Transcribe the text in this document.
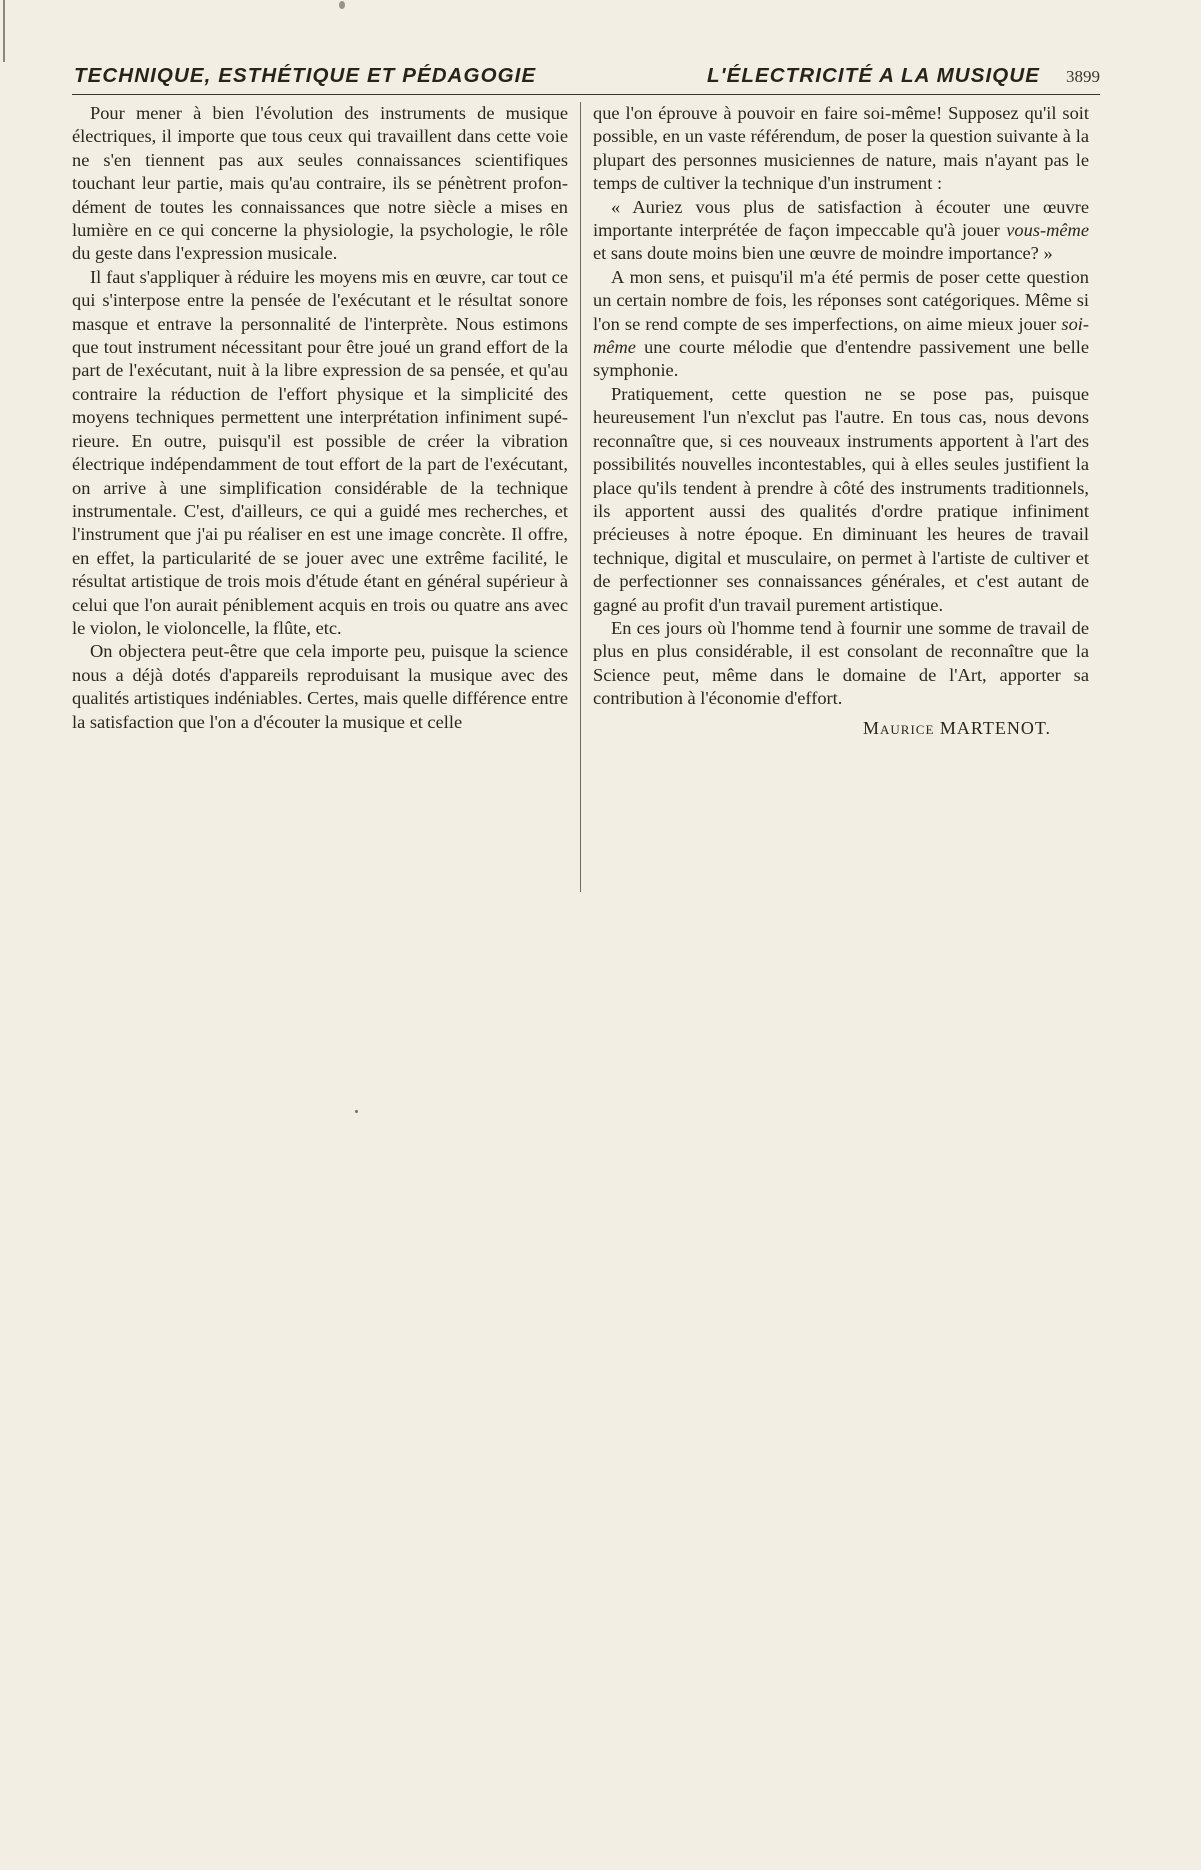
TECHNIQUE, ESTHÉTIQUE ET PÉDAGOGIE	L'ÉLECTRICITÉ A LA MUSIQUE 3899

Pour mener à bien l'évolution des instruments de musique électriques, il importe que tous ceux qui travaillent dans cette voie ne s'en tiennent pas aux seules connaissances scientifiques touchant leur partie, mais qu'au contraire, ils se pénètrent profondément de toutes les connaissances que notre siècle a mises en lumière en ce qui concerne la physiologie, la psychologie, le rôle du geste dans l'expression musicale.

Il faut s'appliquer à réduire les moyens mis en œuvre, car tout ce qui s'interpose entre la pensée de l'exécutant et le résultat sonore masque et entrave la personnalité de l'interprète. Nous estimons que tout instrument nécessitant pour être joué un grand effort de la part de l'exécutant, nuit à la libre expression de sa pensée, et qu'au contraire la réduction de l'effort physique et la simplicité des moyens techniques permettent une interprétation infiniment supérieure. En outre, puisqu'il est possible de créer la vibration électrique indépendamment de tout effort de la part de l'exécutant, on arrive à une simplification considérable de la technique instrumentale. C'est, d'ailleurs, ce qui a guidé mes recherches, et l'instrument que j'ai pu réaliser en est une image concrète. Il offre, en effet, la particularité de se jouer avec une extrême facilité, le résultat artistique de trois mois d'étude étant en général supérieur à celui que l'on aurait péniblement acquis en trois ou quatre ans avec le violon, le violoncelle, la flûte, etc.

On objectera peut-être que cela importe peu, puisque la science nous a déjà dotés d'appareils reproduisant la musique avec des qualités artistiques indéniables. Certes, mais quelle différence entre la satisfaction que l'on a d'écouter la musique et celle

que l'on éprouve à pouvoir en faire soi-même! Supposez qu'il soit possible, en un vaste référendum, de poser la question suivante à la plupart des personnes musiciennes de nature, mais n'ayant pas le temps de cultiver la technique d'un instrument :

« Auriez vous plus de satisfaction à écouter une œuvre importante interprétée de façon impeccable qu'à jouer vous-même et sans doute moins bien une œuvre de moindre importance? »

A mon sens, et puisqu'il m'a été permis de poser cette question un certain nombre de fois, les réponses sont catégoriques. Même si l'on se rend compte de ses imperfections, on aime mieux jouer soi-même une courte mélodie que d'entendre passivement une belle symphonie.

Pratiquement, cette question ne se pose pas, puisque heureusement l'un n'exclut pas l'autre. En tous cas, nous devons reconnaître que, si ces nouveaux instruments apportent à l'art des possibilités nouvelles incontestables, qui à elles seules justifient la place qu'ils tendent à prendre à côté des instruments traditionnels, ils apportent aussi des qualités d'ordre pratique infiniment précieuses à notre époque. En diminuant les heures de travail technique, digital et musculaire, on permet à l'artiste de cultiver et de perfectionner ses connaissances générales, et c'est autant de gagné au profit d'un travail purement artistique.

En ces jours où l'homme tend à fournir une somme de travail de plus en plus considérable, il est consolant de reconnaître que la Science peut, même dans le domaine de l'Art, apporter sa contribution à l'économie d'effort.

Maurice MARTENOT.
